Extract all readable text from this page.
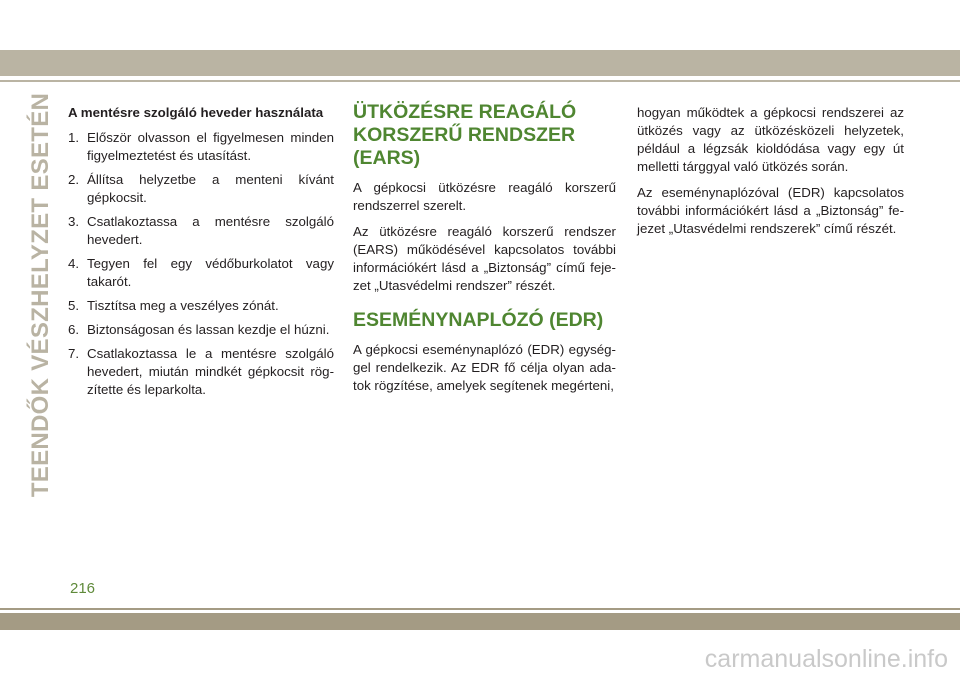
TEENDŐK VÉSZHELYZET ESETÉN A mentésre szolgáló heveder használata
1. Először olvasson el figyelmesen minden figyelmeztetést és utasítást.
2. Állítsa helyzetbe a menteni kívánt gépkocsit.
3. Csatlakoztassa a mentésre szolgáló hevedert.
4. Tegyen fel egy védőburkolatot vagy takarót.
5. Tisztítsa meg a veszélyes zónát.
6. Biztonságosan és lassan kezdje el húzni.
7. Csatlakoztassa le a mentésre szolgáló hevedert, miután mindkét gépkocsit rög-zítette és leparkolta.
ÜTKÖZÉSRE REAGÁLÓ KORSZERŰ RENDSZER (EARS)

A gépkocsi ütközésre reagáló korszerű rendszerrel szerelt.

Az ütközésre reagáló korszerű rendszer (EARS) működésével kapcsolatos további információkért lásd a „Biztonság” című feje-zet „Utasvédelmi rendszer” részét.

ESEMÉNYNAPLÓZÓ (EDR)

A gépkocsi eseménynaplózó (EDR) egység-gel rendelkezik. Az EDR fő célja olyan ada-tok rögzítése, amelyek segítenek megérteni,

hogyan működtek a gépkocsi rendszerei az ütközés vagy az ütközésközeli helyzetek, például a légzsák kioldódása vagy egy út melletti tárggyal való ütközés során.

Az eseménynaplózóval (EDR) kapcsolatos további információkért lásd a „Biztonság” fe-jezet „Utasvédelmi rendszerek” című részét.

216
carmanualsonline.info
